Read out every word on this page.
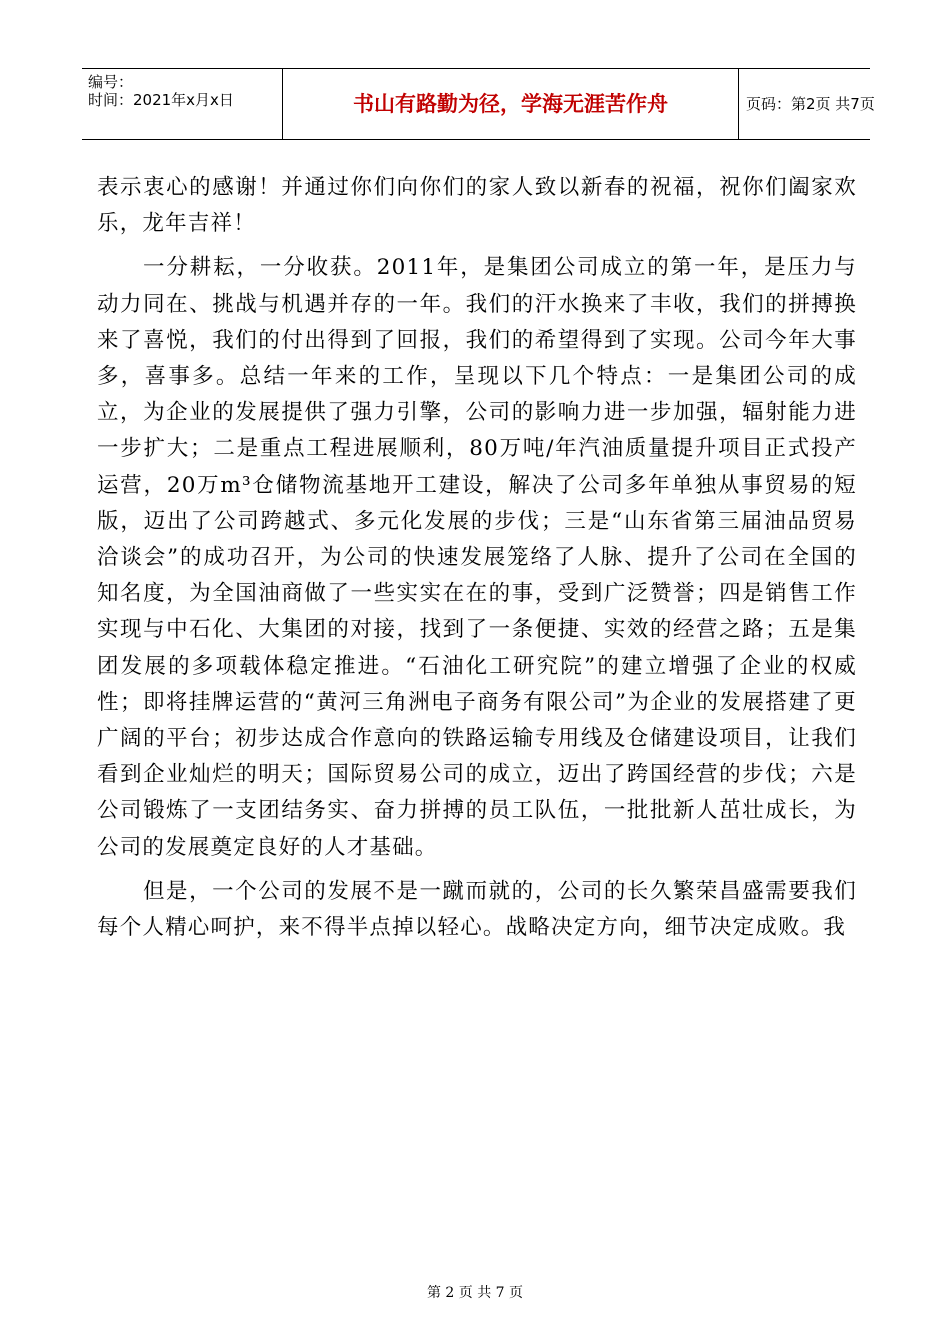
编号：
时间：2021年x月x日	书山有路勤为径，学海无涯苦作舟	页码：第2页 共7页

表示衷心的感谢！并通过你们向你们的家人致以新春的祝福，祝你们阖家欢乐，龙年吉祥！

一分耕耘，一分收获。2011年，是集团公司成立的第一年，是压力与动力同在、挑战与机遇并存的一年。我们的汗水换来了丰收，我们的拼搏换来了喜悦，我们的付出得到了回报，我们的希望得到了实现。公司今年大事多，喜事多。总结一年来的工作，呈现以下几个特点：一是集团公司的成立，为企业的发展提供了强力引擎，公司的影响力进一步加强，辐射能力进一步扩大；二是重点工程进展顺利，80万吨/年汽油质量提升项目正式投产运营，20万m³仓储物流基地开工建设，解决了公司多年单独从事贸易的短版，迈出了公司跨越式、多元化发展的步伐；三是“山东省第三届油品贸易洽谈会”的成功召开，为公司的快速发展笼络了人脉、提升了公司在全国的知名度，为全国油商做了一些实实在在的事，受到广泛赞誉；四是销售工作实现与中石化、大集团的对接，找到了一条便捷、实效的经营之路；五是集团发展的多项载体稳定推进。“石油化工研究院”的建立增强了企业的权威性；即将挂牌运营的“黄河三角洲电子商务有限公司”为企业的发展搭建了更广阔的平台；初步达成合作意向的铁路运输专用线及仓储建设项目，让我们看到企业灿烂的明天；国际贸易公司的成立，迈出了跨国经营的步伐；六是公司锻炼了一支团结务实、奋力拼搏的员工队伍，一批批新人茁壮成长，为公司的发展奠定良好的人才基础。

但是，一个公司的发展不是一蹴而就的，公司的长久繁荣昌盛需要我们每个人精心呵护，来不得半点掉以轻心。战略决定方向，细节决定成败。我

第 2 页 共 7 页
